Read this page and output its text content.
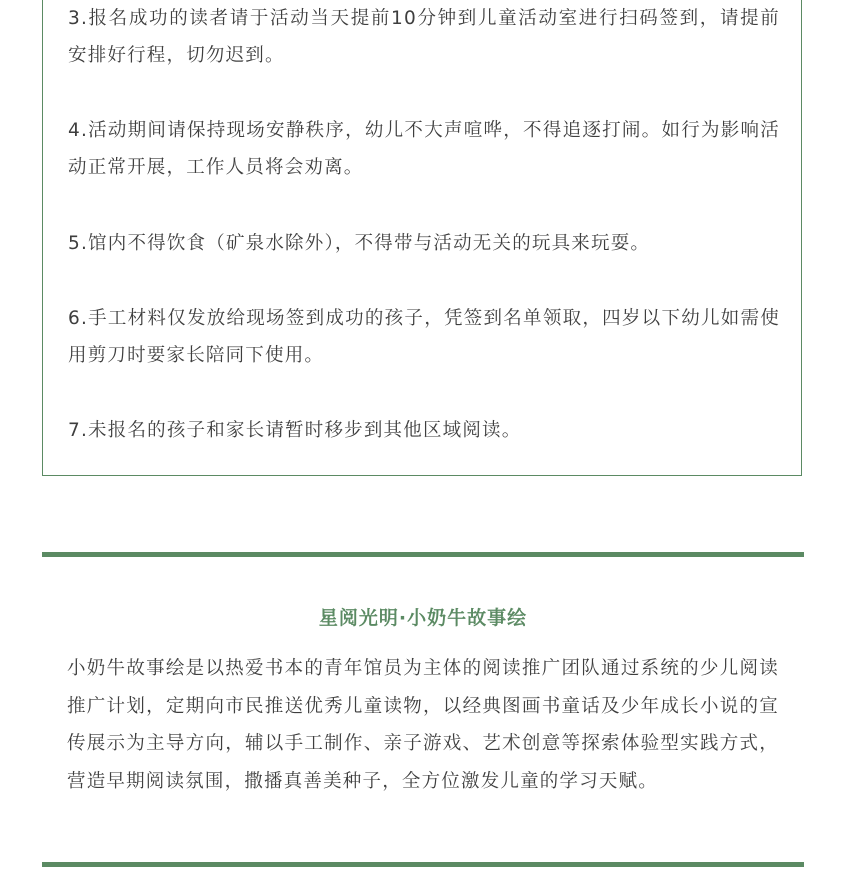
3.报名成功的读者请于活动当天提前10分钟到儿童活动室进行扫码签到，请提前安排好行程，切勿迟到。

4.活动期间请保持现场安静秩序，幼儿不大声喧哗，不得追逐打闹。如行为影响活动正常开展，工作人员将会劝离。

5.馆内不得饮食（矿泉水除外），不得带与活动无关的玩具来玩耍。

6.手工材料仅发放给现场签到成功的孩子，凭签到名单领取，四岁以下幼儿如需使用剪刀时要家长陪同下使用。

7.未报名的孩子和家长请暂时移步到其他区域阅读。

星阅光明·小奶牛故事绘

小奶牛故事绘是以热爱书本的青年馆员为主体的阅读推广团队通过系统的少儿阅读推广计划，定期向市民推送优秀儿童读物，以经典图画书童话及少年成长小说的宣传展示为主导方向，辅以手工制作、亲子游戏、艺术创意等探索体验型实践方式，营造早期阅读氛围，撒播真善美种子，全方位激发儿童的学习天赋。
